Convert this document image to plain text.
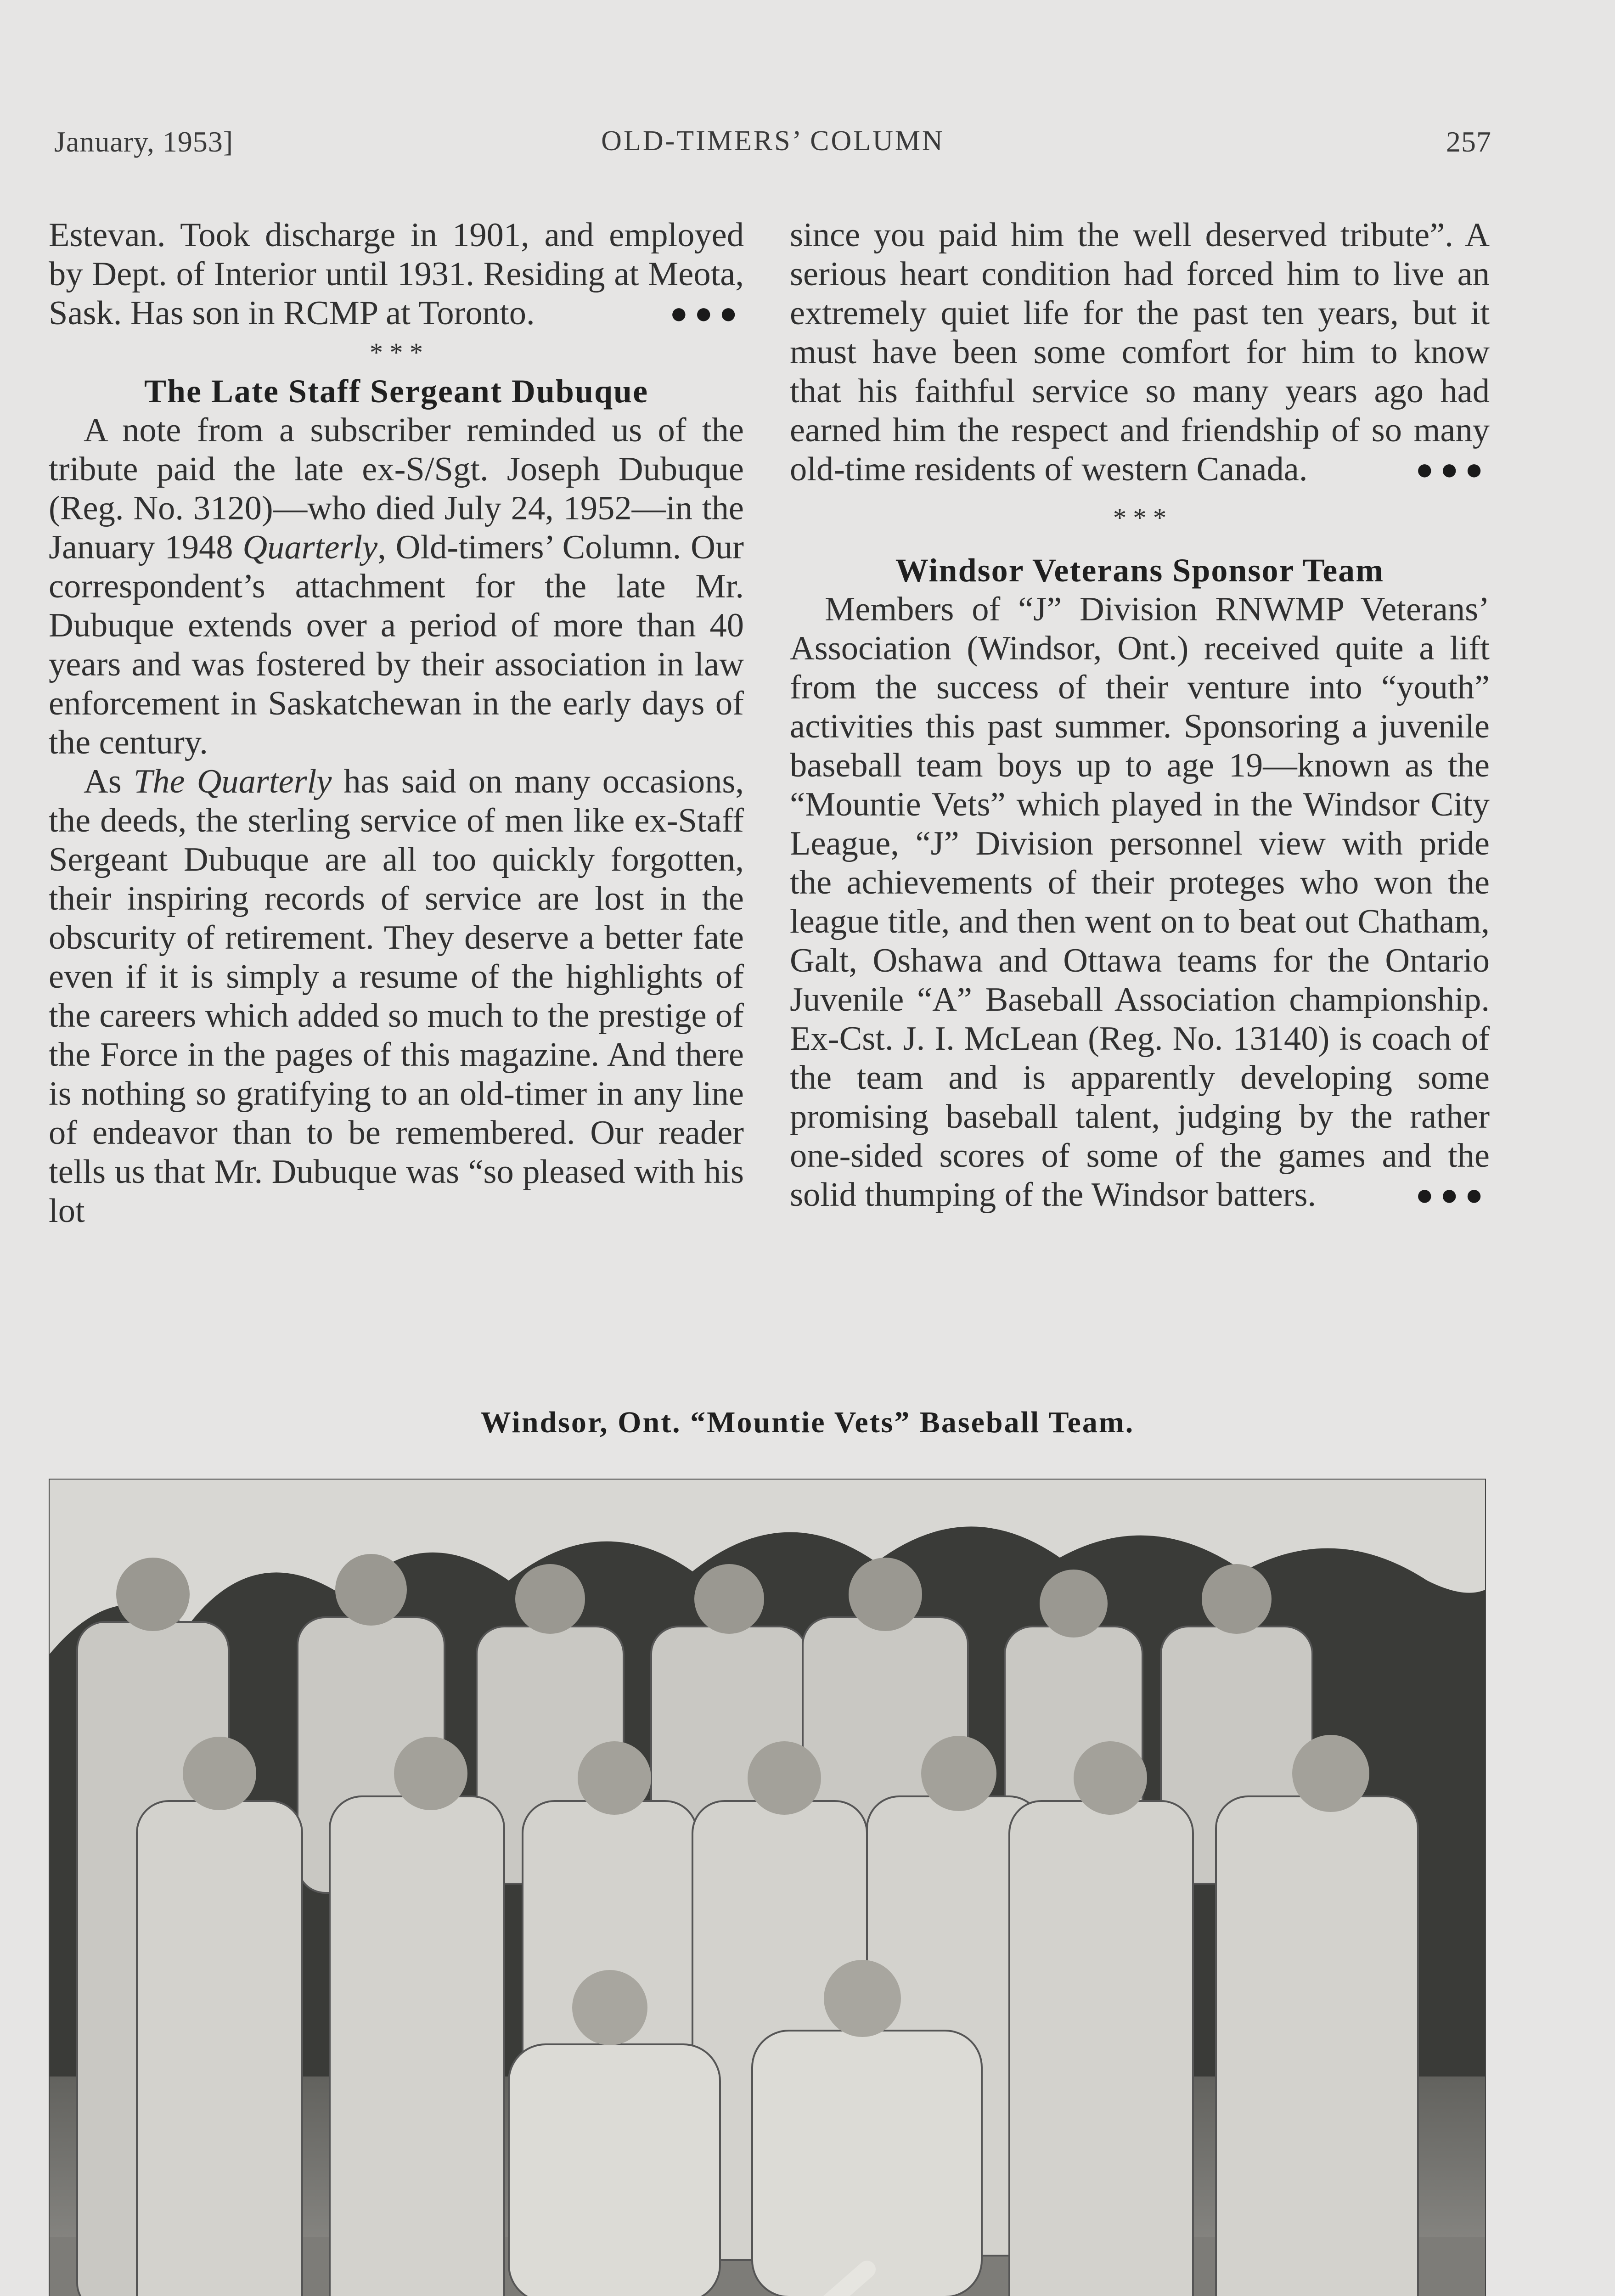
January, 1953]	OLD-TIMERS’ COLUMN	257

Estevan. Took discharge in 1901, and employed by Dept. of Interior until 1931. Residing at Meota, Sask. Has son in RCMP at Toronto.	●●●

* * *

The Late Staff Sergeant Dubuque

A note from a subscriber reminded us of the tribute paid the late ex-S/Sgt. Joseph Dubuque (Reg. No. 3120)—who died July 24, 1952—in the January 1948 Quarterly, Old-timers’ Column. Our correspondent’s attachment for the late Mr. Dubuque extends over a period of more than 40 years and was fostered by their association in law enforcement in Saskatchewan in the early days of the century.

As The Quarterly has said on many occasions, the deeds, the sterling service of men like ex-Staff Sergeant Dubuque are all too quickly forgotten, their inspiring records of service are lost in the obscurity of retirement. They deserve a better fate even if it is simply a resume of the highlights of the careers which added so much to the prestige of the Force in the pages of this magazine. And there is nothing so gratifying to an old-timer in any line of endeavor than to be remembered. Our reader tells us that Mr. Dubuque was “so pleased with his lot

since you paid him the well deserved tribute”. A serious heart condition had forced him to live an extremely quiet life for the past ten years, but it must have been some comfort for him to know that his faithful service so many years ago had earned him the respect and friendship of so many old-time residents of western Canada.	●●●

* * *

Windsor Veterans Sponsor Team

Members of “J” Division RNWMP Veterans’ Association (Windsor, Ont.) received quite a lift from the success of their venture into “youth” activities this past summer. Sponsoring a juvenile baseball team boys up to age 19—known as the “Mountie Vets” which played in the Windsor City League, “J” Division personnel view with pride the achievements of their proteges who won the league title, and then went on to beat out Chatham, Galt, Oshawa and Ottawa teams for the Ontario Juvenile “A” Baseball Association championship. Ex-Cst. J. I. McLean (Reg. No. 13140) is coach of the team and is apparently developing some promising baseball talent, judging by the rather one-sided scores of some of the games and the solid thumping of the Windsor batters.	●●●

Windsor, Ont. “Mountie Vets” Baseball Team.
